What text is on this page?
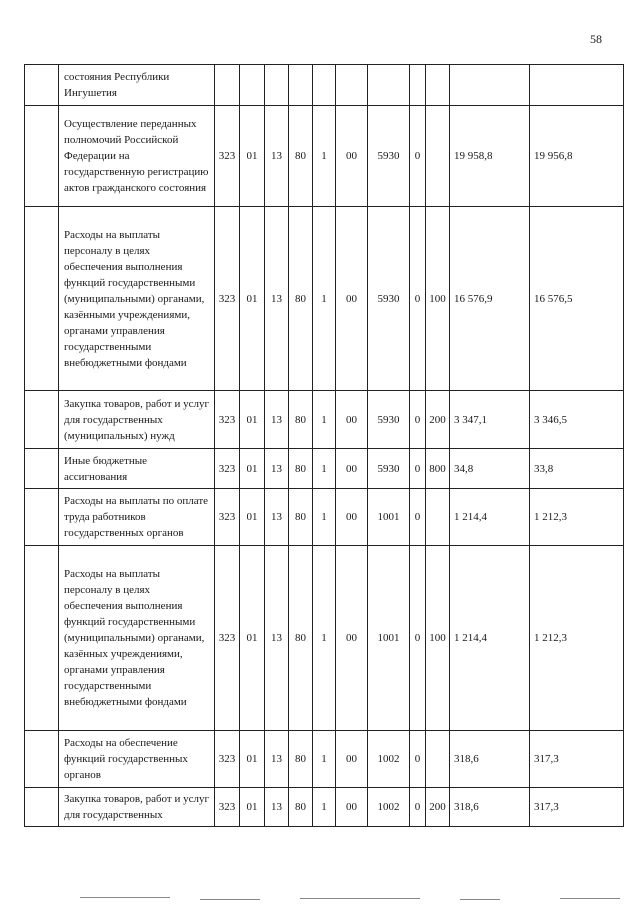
58
	состояния Республики Ингушетия											
	Осуществление переданных полномочий Российской Федерации на государственную регистрацию актов гражданского состояния	323	01	13	80	1	00	5930	0		19 958,8	19 956,8
	Расходы на выплаты персоналу в целях обеспечения выполнения функций государственными (муниципальными) органами, казёнными учреждениями, органами управления государственными внебюджетными фондами	323	01	13	80	1	00	5930	0	100	16 576,9	16 576,5
	Закупка товаров, работ и услуг для государственных (муниципальных) нужд	323	01	13	80	1	00	5930	0	200	3 347,1	3 346,5
	Иные бюджетные ассигнования	323	01	13	80	1	00	5930	0	800	34,8	33,8
	Расходы на выплаты по оплате труда работников государственных органов	323	01	13	80	1	00	1001	0		1 214,4	1 212,3
	Расходы на выплаты персоналу в целях обеспечения выполнения функций государственными (муниципальными) органами, казённых учреждениями, органами управления государственными внебюджетными фондами	323	01	13	80	1	00	1001	0	100	1 214,4	1 212,3
	Расходы на обеспечение функций государственных органов	323	01	13	80	1	00	1002	0		318,6	317,3
	Закупка товаров, работ и услуг для государственных	323	01	13	80	1	00	1002	0	200	318,6	317,3
